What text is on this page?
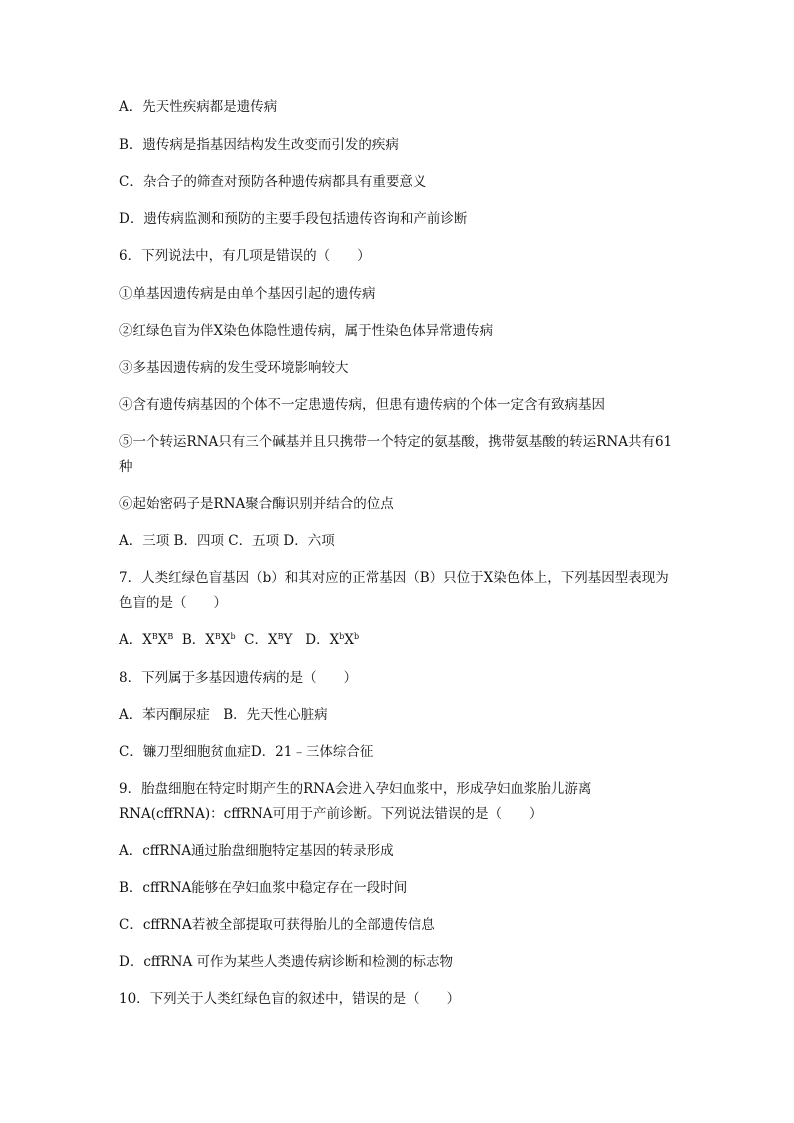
A．先天性疾病都是遗传病
B．遗传病是指基因结构发生改变而引发的疾病
C．杂合子的筛查对预防各种遗传病都具有重要意义
D．遗传病监测和预防的主要手段包括遗传咨询和产前诊断
6．下列说法中，有几项是错误的（　　）
①单基因遗传病是由单个基因引起的遗传病
②红绿色盲为伴X染色体隐性遗传病，属于性染色体异常遗传病
③多基因遗传病的发生受环境影响较大
④含有遗传病基因的个体不一定患遗传病，但患有遗传病的个体一定含有致病基因
⑤一个转运RNA只有三个碱基并且只携带一个特定的氨基酸，携带氨基酸的转运RNA共有61种
⑥起始密码子是RNA聚合酶识别并结合的位点
A．三项 B．四项 C．五项 D．六项
7．人类红绿色盲基因（b）和其对应的正常基因（B）只位于X染色体上，下列基因型表现为色盲的是（　　）
A．$X^BX^B$ B．$X^BX^b$ C．$X^BY$ D．$X^bX^b$
8．下列属于多基因遗传病的是（　　）
A．苯丙酮尿症　B．先天性心脏病
C．镰刀型细胞贫血症D．21﹣三体综合征
9．胎盘细胞在特定时期产生的RNA会进入孕妇血浆中，形成孕妇血浆胎儿游离RNA(cffRNA)：cffRNA可用于产前诊断。下列说法错误的是（　　）
A．cffRNA通过胎盘细胞特定基因的转录形成
B．cffRNA能够在孕妇血浆中稳定存在一段时间
C．cffRNA若被全部提取可获得胎儿的全部遗传信息
D．cffRNA 可作为某些人类遗传病诊断和检测的标志物
10．下列关于人类红绿色盲的叙述中，错误的是（　　）
